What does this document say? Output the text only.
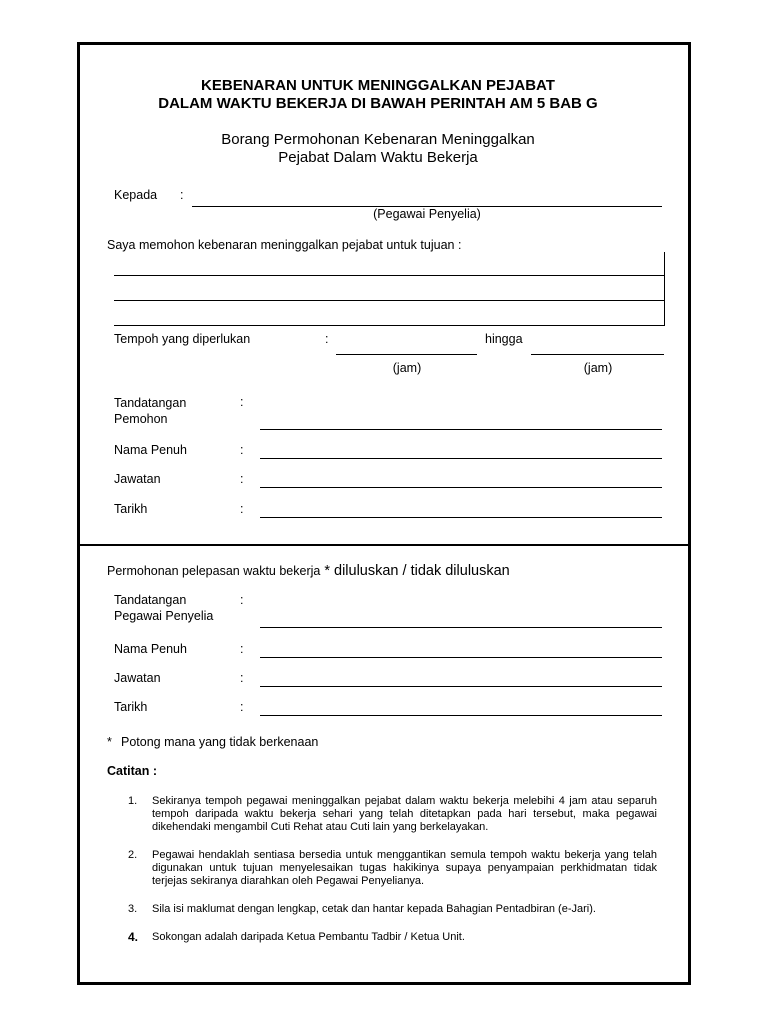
KEBENARAN UNTUK MENINGGALKAN PEJABAT
DALAM WAKTU BEKERJA DI BAWAH PERINTAH AM 5 BAB G
Borang Permohonan Kebenaran Meninggalkan
Pejabat Dalam Waktu Bekerja
Kepada :
(Pegawai Penyelia)
Saya memohon kebenaran meninggalkan pejabat untuk tujuan :
Tempoh yang diperlukan	:	hingga
(jam)	(jam)
Tandatangan
Pemohon
:
Nama Penuh	:
Jawatan	:
Tarikh	:
Permohonan pelepasan waktu bekerja * diluluskan / tidak diluluskan
Tandatangan
Pegawai Penyelia
:
Nama Penuh	:
Jawatan	:
Tarikh	:
* Potong mana yang tidak berkenaan
Catitan :
1. Sekiranya tempoh pegawai meninggalkan pejabat dalam waktu bekerja melebihi 4 jam atau separuh
tempoh daripada waktu bekerja sehari yang telah ditetapkan pada hari tersebut, maka pegawai
dikehendaki mengambil Cuti Rehat atau Cuti lain yang berkelayakan.
2. Pegawai hendaklah sentiasa bersedia untuk menggantikan semula tempoh waktu bekerja yang telah
digunakan untuk tujuan menyelesaikan tugas hakikinya supaya penyampaian perkhidmatan tidak
terjejas sekiranya diarahkan oleh Pegawai Penyelianya.
3. Sila isi maklumat dengan lengkap, cetak dan hantar kepada Bahagian Pentadbiran (e-Jari).
4. Sokongan adalah daripada Ketua Pembantu Tadbir / Ketua Unit.
